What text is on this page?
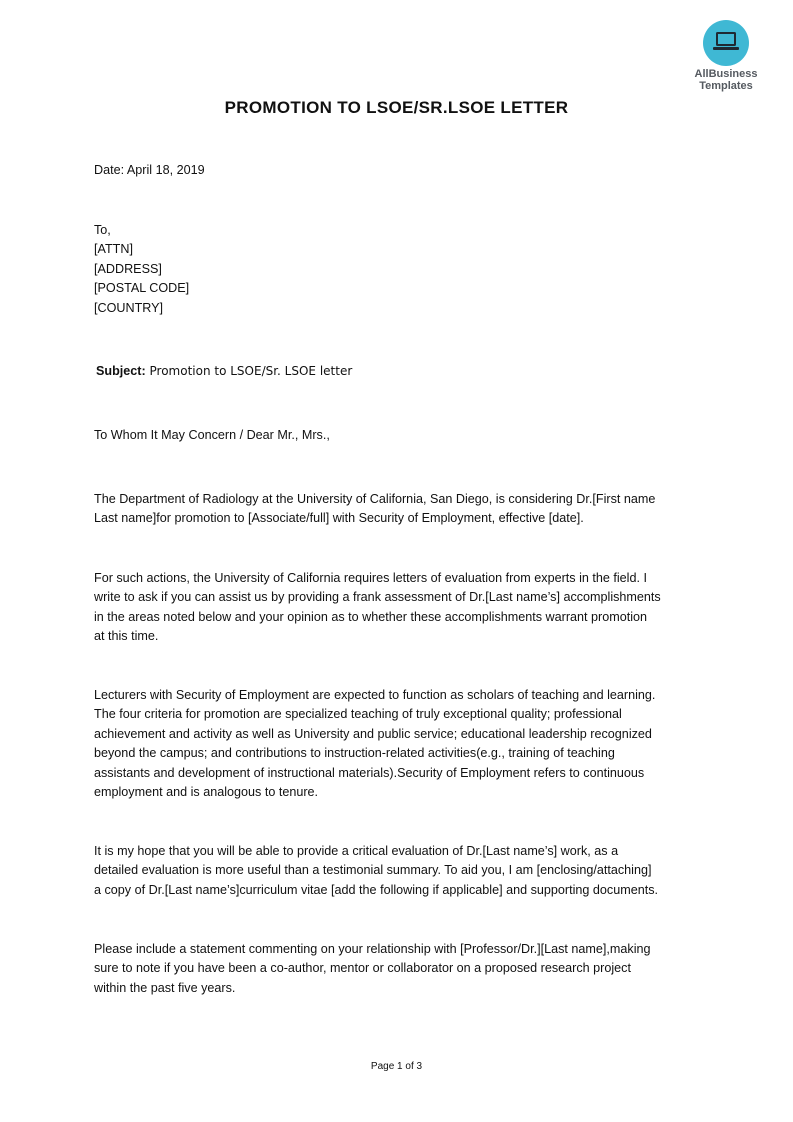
AllBusiness
Templates
PROMOTION TO LSOE/SR.LSOE LETTER
Date: April 18, 2019
To,
[ATTN]
[ADDRESS]
[POSTAL CODE]
[COUNTRY]
Subject: Promotion to LSOE/Sr. LSOE letter
To Whom It May Concern / Dear Mr., Mrs.,
The Department of Radiology at the University of California, San Diego, is considering Dr.[First name
Last name]for promotion to [Associate/full] with Security of Employment, effective [date].
For such actions, the University of California requires letters of evaluation from experts in the field. I
write to ask if you can assist us by providing a frank assessment of Dr.[Last name’s] accomplishments
in the areas noted below and your opinion as to whether these accomplishments warrant promotion
at this time.
Lecturers with Security of Employment are expected to function as scholars of teaching and learning.
The four criteria for promotion are specialized teaching of truly exceptional quality; professional
achievement and activity as well as University and public service; educational leadership recognized
beyond the campus; and contributions to instruction-related activities(e.g., training of teaching
assistants and development of instructional materials).Security of Employment refers to continuous
employment and is analogous to tenure.
It is my hope that you will be able to provide a critical evaluation of Dr.[Last name’s] work, as a
detailed evaluation is more useful than a testimonial summary. To aid you, I am [enclosing/attaching]
a copy of Dr.[Last name’s]curriculum vitae [add the following if applicable] and supporting documents.
Please include a statement commenting on your relationship with [Professor/Dr.][Last name],making
sure to note if you have been a co-author, mentor or collaborator on a proposed research project
within the past five years.
Page 1 of 3
